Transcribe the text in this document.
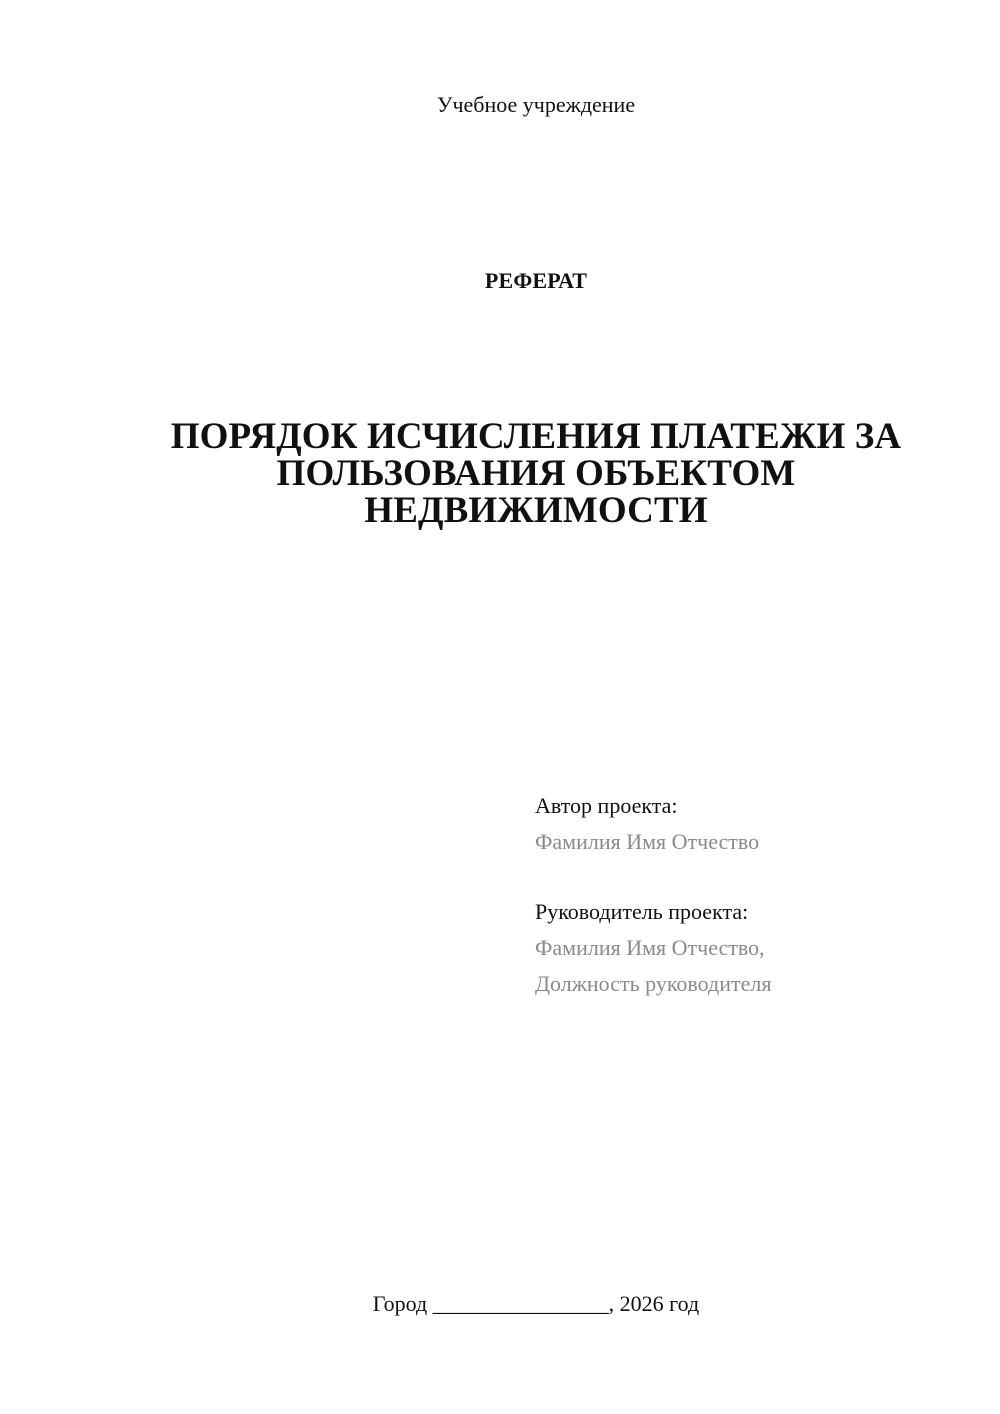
Учебное учреждение
РЕФЕРАТ
ПОРЯДОК ИСЧИСЛЕНИЯ ПЛАТЕЖИ ЗА ПОЛЬЗОВАНИЯ ОБЪЕКТОМ НЕДВИЖИМОСТИ
Автор проекта:
Фамилия Имя Отчество
Руководитель проекта:
Фамилия Имя Отчество,
Должность руководителя
Город ________________, 2026 год
